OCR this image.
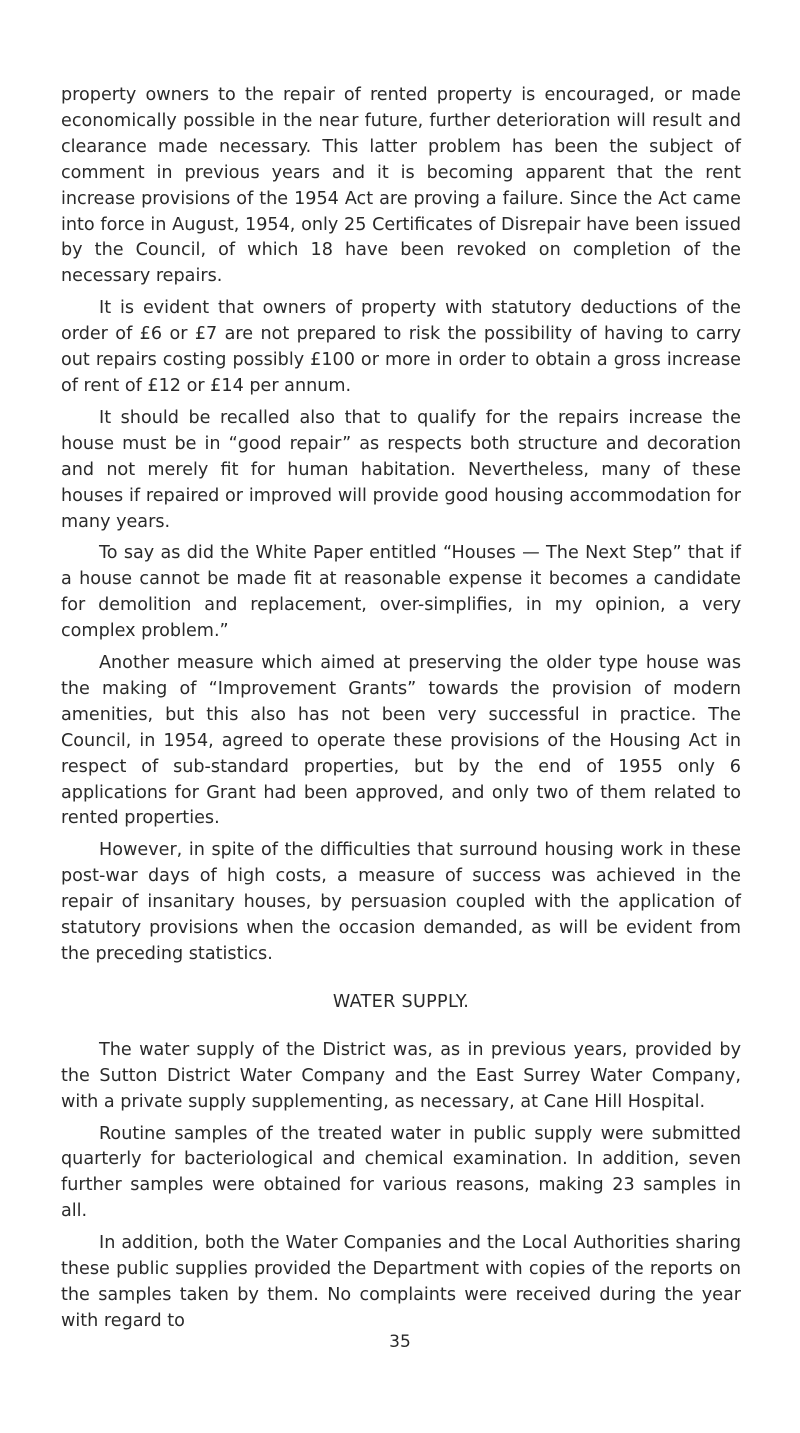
property owners to the repair of rented property is encouraged, or made economically possible in the near future, further deterioration will result and clearance made necessary. This latter problem has been the subject of comment in previous years and it is becoming apparent that the rent increase provisions of the 1954 Act are proving a failure. Since the Act came into force in August, 1954, only 25 Certificates of Disrepair have been issued by the Council, of which 18 have been revoked on completion of the necessary repairs.

It is evident that owners of property with statutory deductions of the order of £6 or £7 are not prepared to risk the possibility of having to carry out repairs costing possibly £100 or more in order to obtain a gross increase of rent of £12 or £14 per annum.

It should be recalled also that to qualify for the repairs increase the house must be in “good repair” as respects both structure and decoration and not merely fit for human habitation. Nevertheless, many of these houses if repaired or improved will provide good housing accommodation for many years.

To say as did the White Paper entitled “Houses — The Next Step” that if a house cannot be made fit at reasonable expense it becomes a candidate for demolition and replacement, over-simplifies, in my opinion, a very complex problem.”

Another measure which aimed at preserving the older type house was the making of “Improvement Grants” towards the provision of modern amenities, but this also has not been very successful in practice. The Council, in 1954, agreed to operate these provisions of the Housing Act in respect of sub-standard properties, but by the end of 1955 only 6 applications for Grant had been approved, and only two of them related to rented properties.

However, in spite of the difficulties that surround housing work in these post-war days of high costs, a measure of success was achieved in the repair of insanitary houses, by persuasion coupled with the application of statutory provisions when the occasion demanded, as will be evident from the preceding statistics.

WATER SUPPLY.

The water supply of the District was, as in previous years, provided by the Sutton District Water Company and the East Surrey Water Company, with a private supply supplementing, as necessary, at Cane Hill Hospital.

Routine samples of the treated water in public supply were submitted quarterly for bacteriological and chemical examination. In addition, seven further samples were obtained for various reasons, making 23 samples in all.

In addition, both the Water Companies and the Local Authorities sharing these public supplies provided the Department with copies of the reports on the samples taken by them. No complaints were received during the year with regard to

35
